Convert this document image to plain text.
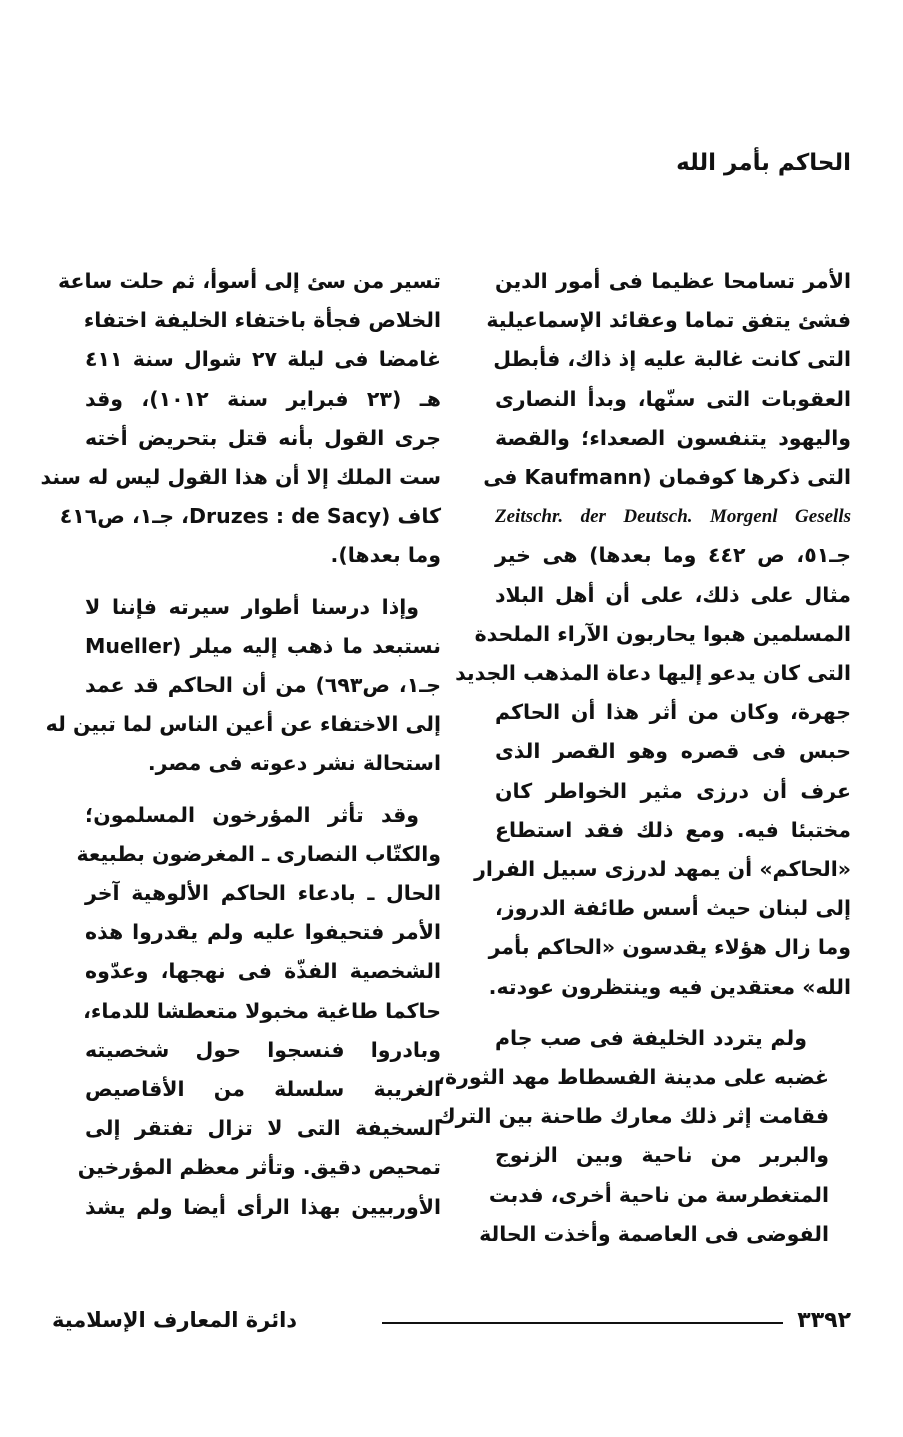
الحاكم بأمر الله

الأمر تسامحا عظيما فى أمور الدين
فشئ يتفق تماما وعقائد الإسماعيلية
التى كانت غالبة عليه إذ ذاك، فأبطل
العقوبات التى سنّها، وبدأ النصارى
واليهود يتنفسون الصعداء؛ والقصة
التى ذكرها كوفمان (Kaufmann فى
Zeitschr. der Deutsch. Morgenl Gesells
جـ٥١، ص ٤٤٢ وما بعدها) هى خير
مثال على ذلك، على أن أهل البلاد
المسلمين هبوا يحاربون الآراء الملحدة
التى كان يدعو إليها دعاة المذهب الجديد
جهرة، وكان من أثر هذا أن الحاكم
حبس فى قصره وهو القصر الذى
عرف أن درزى مثير الخواطر كان
مختبئا فيه. ومع ذلك فقد استطاع
«الحاكم» أن يمهد لدرزى سبيل الفرار
إلى لبنان حيث أسس طائفة الدروز،
وما زال هؤلاء يقدسون «الحاكم بأمر
الله» معتقدين فيه وينتظرون عودته.

ولم يتردد الخليفة فى صب جام
غضبه على مدينة الفسطاط مهد الثورة،
فقامت إثر ذلك معارك طاحنة بين الترك
والبربر من ناحية وبين الزنوج
المتغطرسة من ناحية أخرى، فدبت
الفوضى فى العاصمة وأخذت الحالة

تسير من سئ إلى أسوأ، ثم حلت ساعة
الخلاص فجأة باختفاء الخليفة اختفاء
غامضا فى ليلة ٢٧ شوال سنة ٤١١
هـ (٢٣ فبراير سنة ١٠١٢)، وقد
جرى القول بأنه قتل بتحريض أخته
ست الملك إلا أن هذا القول ليس له سند
كاف (Druzes : de Sacy، جـ١، ص٤١٦
وما بعدها).

وإذا درسنا أطوار سيرته فإننا لا
نستبعد ما ذهب إليه ميلر (Mueller
جـ١، ص٦٩٣) من أن الحاكم قد عمد
إلى الاختفاء عن أعين الناس لما تبين له
استحالة نشر دعوته فى مصر.

وقد تأثر المؤرخون المسلمون؛
والكتّاب النصارى ـ المغرضون بطبيعة
الحال ـ بادعاء الحاكم الألوهية آخر
الأمر فتحيفوا عليه ولم يقدروا هذه
الشخصية الفذّة فى نهجها، وعدّوه
حاكما طاغية مخبولا متعطشا للدماء،
وبادروا فنسجوا حول شخصيته
الغريبة سلسلة من الأقاصيص
السخيفة التى لا تزال تفتقر إلى
تمحيص دقيق. وتأثر معظم المؤرخين
الأوربيين بهذا الرأى أيضا ولم يشذ

٣٣٩٢
دائرة المعارف الإسلامية
